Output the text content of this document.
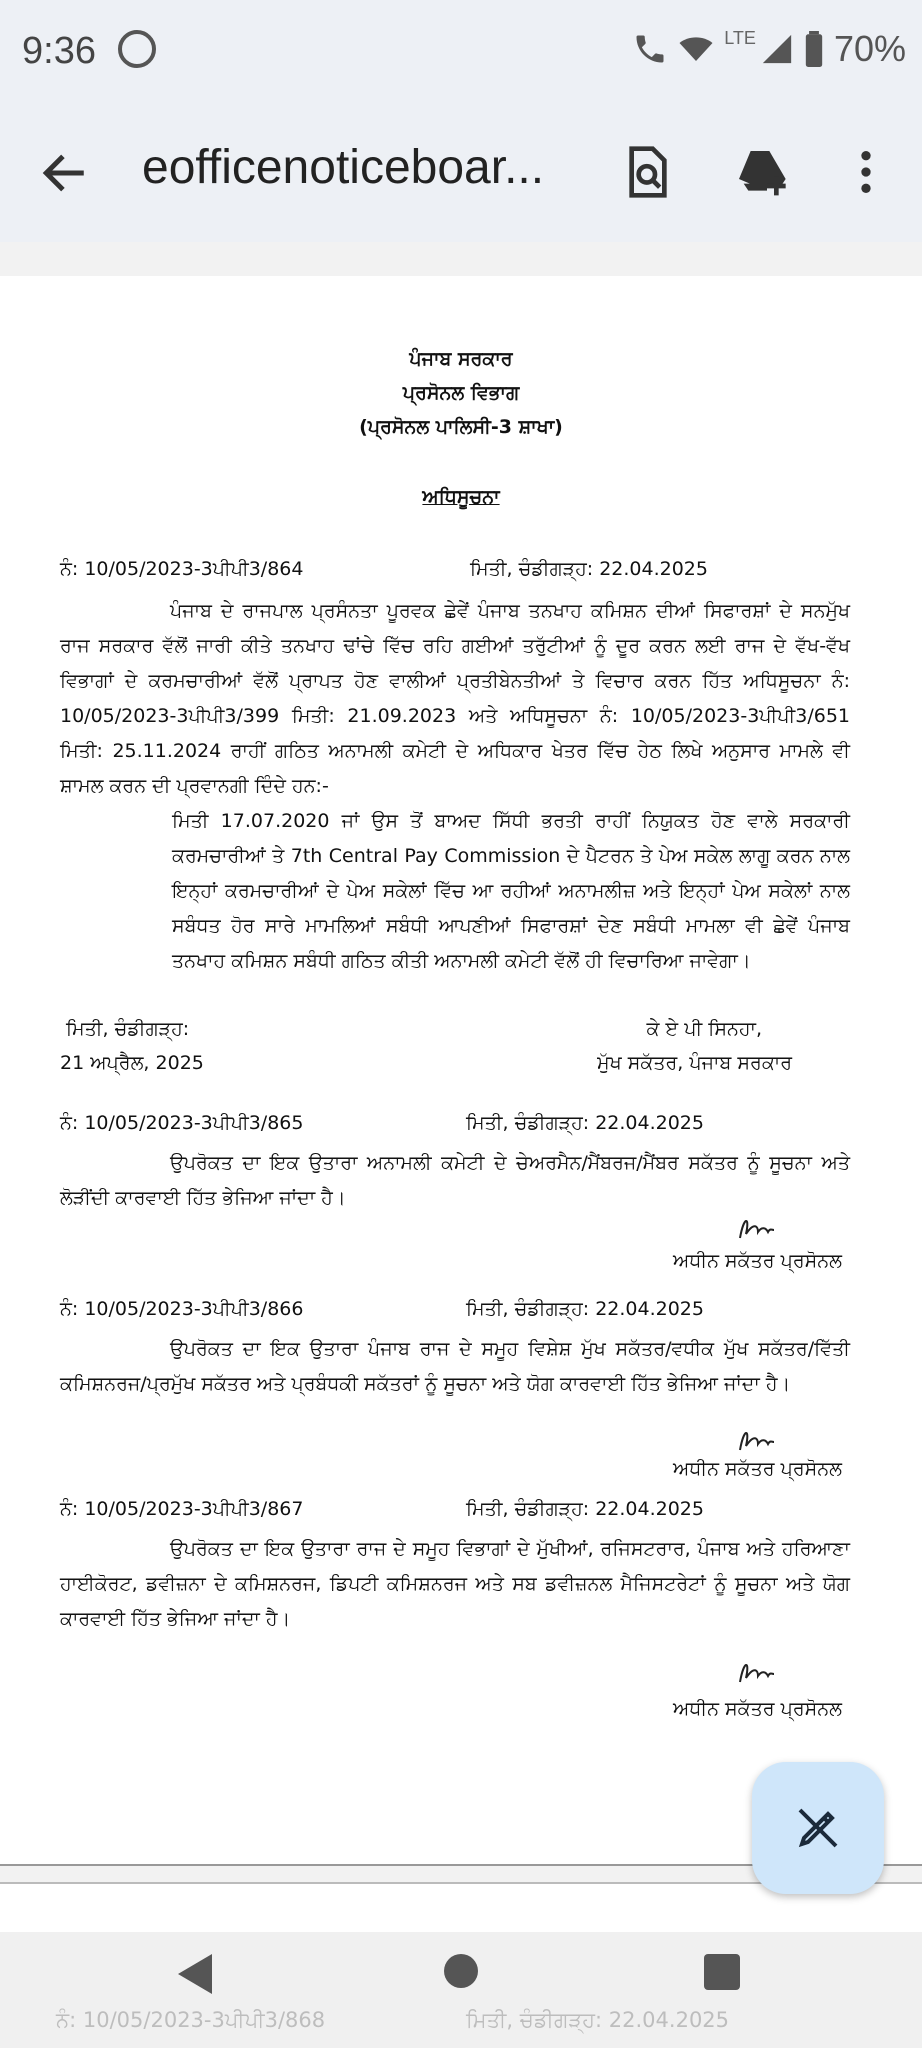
9:36	LTE 70%
eofficenoticeboar...
ਪੰਜਾਬ ਸਰਕਾਰ
ਪ੍ਰਸੋਨਲ ਵਿਭਾਗ
(ਪ੍ਰਸੋਨਲ ਪਾਲਿਸੀ-3 ਸ਼ਾਖਾ)
ਅਧਿਸੂਚਨਾ
ਨੰ: 10/05/2023-3ਪੀਪੀ3/864	ਮਿਤੀ, ਚੰਡੀਗੜ੍ਹ: 22.04.2025
ਪੰਜਾਬ ਦੇ ਰਾਜਪਾਲ ਪ੍ਰਸੰਨਤਾ ਪੂਰਵਕ ਛੇਵੇਂ ਪੰਜਾਬ ਤਨਖਾਹ ਕਮਿਸ਼ਨ ਦੀਆਂ ਸਿਫਾਰਸ਼ਾਂ ਦੇ ਸਨਮੁੱਖ ਰਾਜ ਸਰਕਾਰ ਵੱਲੋਂ ਜਾਰੀ ਕੀਤੇ ਤਨਖਾਹ ਢਾਂਚੇ ਵਿੱਚ ਰਹਿ ਗਈਆਂ ਤਰੁੱਟੀਆਂ ਨੂੰ ਦੂਰ ਕਰਨ ਲਈ ਰਾਜ ਦੇ ਵੱਖ-ਵੱਖ ਵਿਭਾਗਾਂ ਦੇ ਕਰਮਚਾਰੀਆਂ ਵੱਲੋਂ ਪ੍ਰਾਪਤ ਹੋਣ ਵਾਲੀਆਂ ਪ੍ਰਤੀਬੇਨਤੀਆਂ ਤੇ ਵਿਚਾਰ ਕਰਨ ਹਿੱਤ ਅਧਿਸੂਚਨਾ ਨੰ: 10/05/2023-3ਪੀਪੀ3/399 ਮਿਤੀ: 21.09.2023 ਅਤੇ ਅਧਿਸੂਚਨਾ ਨੰ: 10/05/2023-3ਪੀਪੀ3/651 ਮਿਤੀ: 25.11.2024 ਰਾਹੀਂ ਗਠਿਤ ਅਨਾਮਲੀ ਕਮੇਟੀ ਦੇ ਅਧਿਕਾਰ ਖੇਤਰ ਵਿੱਚ ਹੇਠ ਲਿਖੇ ਅਨੁਸਾਰ ਮਾਮਲੇ ਵੀ ਸ਼ਾਮਲ ਕਰਨ ਦੀ ਪ੍ਰਵਾਨਗੀ ਦਿੰਦੇ ਹਨ:-
ਮਿਤੀ 17.07.2020 ਜਾਂ ਉਸ ਤੋਂ ਬਾਅਦ ਸਿੱਧੀ ਭਰਤੀ ਰਾਹੀਂ ਨਿਯੁਕਤ ਹੋਣ ਵਾਲੇ ਸਰਕਾਰੀ ਕਰਮਚਾਰੀਆਂ ਤੇ 7th Central Pay Commission ਦੇ ਪੈਟਰਨ ਤੇ ਪੇਅ ਸਕੇਲ ਲਾਗੂ ਕਰਨ ਨਾਲ ਇਨ੍ਹਾਂ ਕਰਮਚਾਰੀਆਂ ਦੇ ਪੇਅ ਸਕੇਲਾਂ ਵਿੱਚ ਆ ਰਹੀਆਂ ਅਨਾਮਲੀਜ਼ ਅਤੇ ਇਨ੍ਹਾਂ ਪੇਅ ਸਕੇਲਾਂ ਨਾਲ ਸਬੰਧਤ ਹੋਰ ਸਾਰੇ ਮਾਮਲਿਆਂ ਸਬੰਧੀ ਆਪਣੀਆਂ ਸਿਫਾਰਸ਼ਾਂ ਦੇਣ ਸਬੰਧੀ ਮਾਮਲਾ ਵੀ ਛੇਵੇਂ ਪੰਜਾਬ ਤਨਖਾਹ ਕਮਿਸ਼ਨ ਸਬੰਧੀ ਗਠਿਤ ਕੀਤੀ ਅਨਾਮਲੀ ਕਮੇਟੀ ਵੱਲੋਂ ਹੀ ਵਿਚਾਰਿਆ ਜਾਵੇਗਾ।
ਮਿਤੀ, ਚੰਡੀਗੜ੍ਹ:
21 ਅਪ੍ਰੈਲ, 2025
ਕੇ ਏ ਪੀ ਸਿਨਹਾ,
ਮੁੱਖ ਸਕੱਤਰ, ਪੰਜਾਬ ਸਰਕਾਰ
ਨੰ: 10/05/2023-3ਪੀਪੀ3/865	ਮਿਤੀ, ਚੰਡੀਗੜ੍ਹ: 22.04.2025
ਉਪਰੋਕਤ ਦਾ ਇਕ ਉਤਾਰਾ ਅਨਾਮਲੀ ਕਮੇਟੀ ਦੇ ਚੇਅਰਮੈਨ/ਮੈਂਬਰਜ/ਮੈਂਬਰ ਸਕੱਤਰ ਨੂੰ ਸੂਚਨਾ ਅਤੇ ਲੋੜੀਂਦੀ ਕਾਰਵਾਈ ਹਿੱਤ ਭੇਜਿਆ ਜਾਂਦਾ ਹੈ।
ਅਧੀਨ ਸਕੱਤਰ ਪ੍ਰਸੋਨਲ
ਨੰ: 10/05/2023-3ਪੀਪੀ3/866	ਮਿਤੀ, ਚੰਡੀਗੜ੍ਹ: 22.04.2025
ਉਪਰੋਕਤ ਦਾ ਇਕ ਉਤਾਰਾ ਪੰਜਾਬ ਰਾਜ ਦੇ ਸਮੂਹ ਵਿਸ਼ੇਸ਼ ਮੁੱਖ ਸਕੱਤਰ/ਵਧੀਕ ਮੁੱਖ ਸਕੱਤਰ/ਵਿੱਤੀ ਕਮਿਸ਼ਨਰਜ/ਪ੍ਰਮੁੱਖ ਸਕੱਤਰ ਅਤੇ ਪ੍ਰਬੰਧਕੀ ਸਕੱਤਰਾਂ ਨੂੰ ਸੂਚਨਾ ਅਤੇ ਯੋਗ ਕਾਰਵਾਈ ਹਿੱਤ ਭੇਜਿਆ ਜਾਂਦਾ ਹੈ।
ਅਧੀਨ ਸਕੱਤਰ ਪ੍ਰਸੋਨਲ
ਨੰ: 10/05/2023-3ਪੀਪੀ3/867	ਮਿਤੀ, ਚੰਡੀਗੜ੍ਹ: 22.04.2025
ਉਪਰੋਕਤ ਦਾ ਇਕ ਉਤਾਰਾ ਰਾਜ ਦੇ ਸਮੂਹ ਵਿਭਾਗਾਂ ਦੇ ਮੁੱਖੀਆਂ, ਰਜਿਸਟਰਾਰ, ਪੰਜਾਬ ਅਤੇ ਹਰਿਆਣਾ ਹਾਈਕੋਰਟ, ਡਵੀਜ਼ਨਾ ਦੇ ਕਮਿਸ਼ਨਰਜ, ਡਿਪਟੀ ਕਮਿਸ਼ਨਰਜ ਅਤੇ ਸਬ ਡਵੀਜ਼ਨਲ ਮੈਜਿਸਟਰੇਟਾਂ ਨੂੰ ਸੂਚਨਾ ਅਤੇ ਯੋਗ ਕਾਰਵਾਈ ਹਿੱਤ ਭੇਜਿਆ ਜਾਂਦਾ ਹੈ।
ਅਧੀਨ ਸਕੱਤਰ ਪ੍ਰਸੋਨਲ
ਨੰ: 10/05/2023-3ਪੀਪੀ3/868	ਮਿਤੀ, ਚੰਡੀਗੜ੍ਹ: 22.04.2025
